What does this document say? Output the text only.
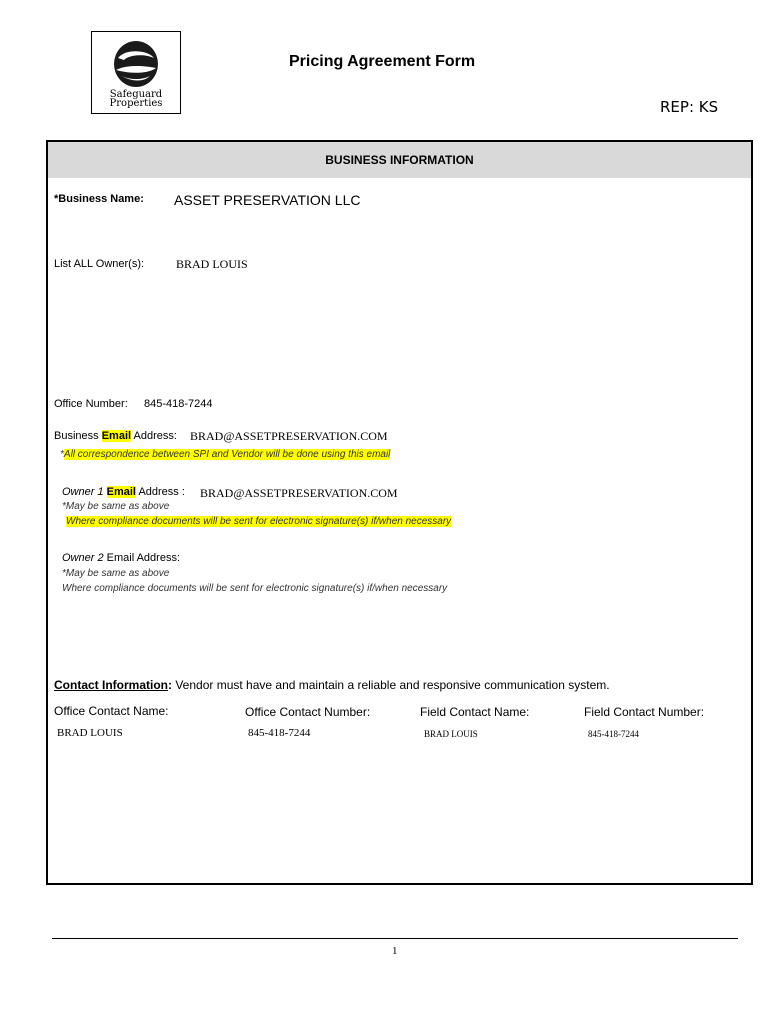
Safeguard
Properties
Pricing Agreement Form
REP: KS
BUSINESS INFORMATION
*Business Name: ASSET PRESERVATION LLC
List ALL Owner(s):	BRAD LOUIS
Office Number: 845-418-7244
Business Email Address: BRAD@ASSETPRESERVATION.COM
*All correspondence between SPI and Vendor will be done using this email
Owner 1 Email Address : BRAD@ASSETPRESERVATION.COM
*May be same as above
Where compliance documents will be sent for electronic signature(s) if/when necessary
Owner 2 Email Address:
*May be same as above
Where compliance documents will be sent for electronic signature(s) if/when necessary
Contact Information: Vendor must have and maintain a reliable and responsive communication system.
Office Contact Name:	Office Contact Number:	Field Contact Name:	Field Contact Number:
BRAD LOUIS	845-418-7244	BRAD LOUIS	845-418-7244
1
